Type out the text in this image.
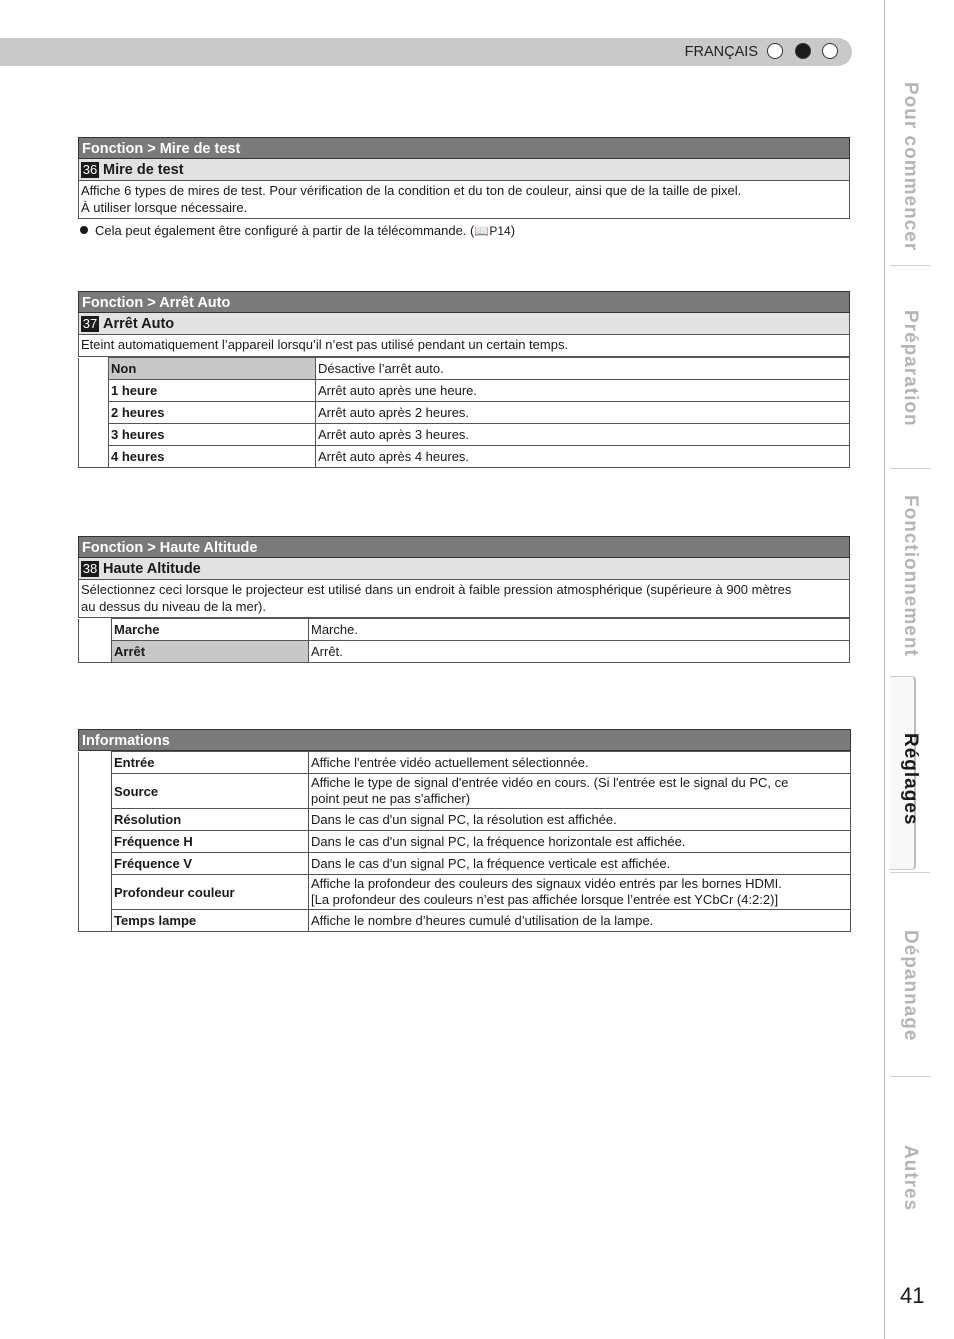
FRANÇAIS
Fonction > Mire de test
36 Mire de test
Affiche 6 types de mires de test. Pour vérification de la condition et du ton de couleur, ainsi que de la taille de pixel.
À utiliser lorsque nécessaire.
Cela peut également être configuré à partir de la télécommande. (📖P14)
Fonction > Arrêt Auto
37 Arrêt Auto
Eteint automatiquement l’appareil lorsqu’il n’est pas utilisé pendant un certain temps.
	Non	Désactive l’arrêt auto.
	1 heure	Arrêt auto après une heure.
	2 heures	Arrêt auto après 2 heures.
	3 heures	Arrêt auto après 3 heures.
	4 heures	Arrêt auto après 4 heures.
Fonction > Haute Altitude
38 Haute Altitude
Sélectionnez ceci lorsque le projecteur est utilisé dans un endroit à faible pression atmosphérique (supérieure à 900 mètres
au dessus du niveau de la mer).
	Marche	Marche.
	Arrêt	Arrêt.
Informations
	Entrée	Affiche l'entrée vidéo actuellement sélectionnée.

	Source	Affiche le type de signal d'entrée vidéo en cours. (Si l'entrée est le signal du PC, ce
point peut ne pas s'afficher)

	Résolution	Dans le cas d'un signal PC, la résolution est affichée.

	Fréquence H	Dans le cas d'un signal PC, la fréquence horizontale est affichée.

	Fréquence V	Dans le cas d'un signal PC, la fréquence verticale est affichée.

	Profondeur couleur	Affiche la profondeur des couleurs des signaux vidéo entrés par les bornes HDMI.
[La profondeur des couleurs n’est pas affichée lorsque l’entrée est YCbCr (4:2:2)]

	Temps lampe	Affiche le nombre d’heures cumulé d’utilisation de la lampe.
Pour commencer
Préparation
Fonctionnement
Réglages
Dépannage
Autres
41
